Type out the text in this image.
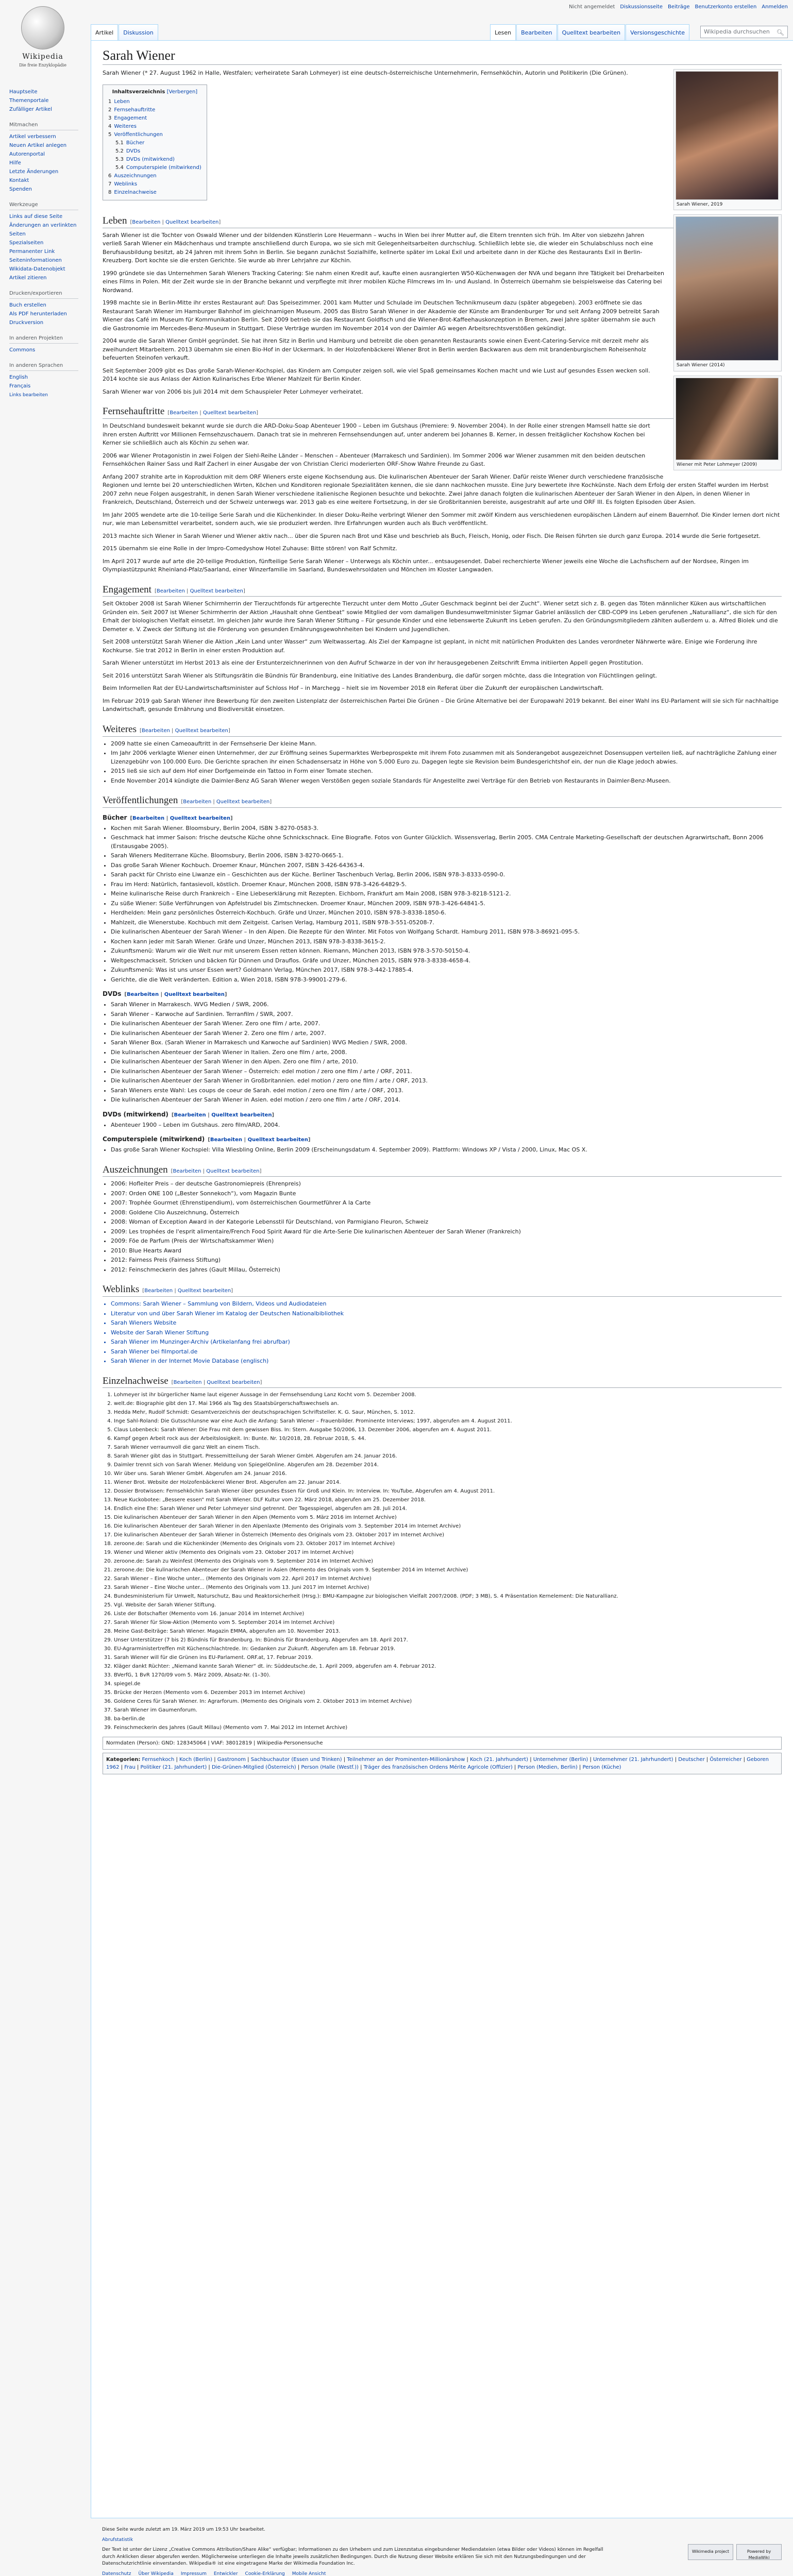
Wikipedia
Die freie Enzyklopädie
Nicht angemeldet Diskussionsseite Beiträge Benutzerkonto erstellen Anmelden
Hauptseite
Themenportale
Zufälliger Artikel
Mitmachen
Artikel verbessern
Neuen Artikel anlegen
Autorenportal
Hilfe
Letzte Änderungen
Kontakt
Spenden
Werkzeuge
Links auf diese Seite
Änderungen an verlinkten Seiten
Spezialseiten
Permanenter Link
Seiteninformationen
Wikidata-Datenobjekt
Artikel zitieren
Drucken/exportieren
Buch erstellen
Als PDF herunterladen
Druckversion
In anderen Projekten
Commons
In anderen Sprachen
English
Français
Links bearbeiten
Artikel	Diskussion	Lesen	Bearbeiten	Quelltext bearbeiten	Versionsgeschichte	Wikipedia durchsuchen 🔍︎
Sarah Wiener
Sarah Wiener, 2019
Sarah Wiener (2014)
Wiener mit Peter Lohmeyer (2009)

Sarah Wiener (* 27. August 1962 in Halle, Westfalen; verheiratete Sarah Lohmeyer) ist eine deutsch-österreichische Unternehmerin, Fernsehköchin, Autorin und Politikerin (Die Grünen).

Inhaltsverzeichnis [Verbergen]
1 Leben
2 Fernsehauftritte
3 Engagement
4 Weiteres
5 Veröffentlichungen
5.1 Bücher
5.2 DVDs
5.3 DVDs (mitwirkend)
5.4 Computerspiele (mitwirkend)
6 Auszeichnungen
7 Weblinks
8 Einzelnachweise
Leben [Bearbeiten | Quelltext bearbeiten]

Sarah Wiener ist die Tochter von Oswald Wiener und der bildenden Künstlerin Lore Heuermann – wuchs in Wien bei ihrer Mutter auf, die Eltern trennten sich früh. Im Alter von siebzehn Jahren verließ Sarah Wiener ein Mädchenhaus und trampte anschließend durch Europa, wo sie sich mit Gelegenheitsarbeiten durchschlug. Schließlich lebte sie, die wieder ein Schulabschluss noch eine Berufsausbildung besitzt, ab 24 Jahren mit ihrem Sohn in Berlin. Sie begann zunächst Sozialhilfe, kellnerte später im Lokal Exil und arbeitete dann in der Küche des Restaurants Exil in Berlin-Kreuzberg. Dort kochte sie die ersten Gerichte. Sie wurde ab ihrer Lehrjahre zur Köchin.

1990 gründete sie das Unternehmen Sarah Wieners Tracking Catering: Sie nahm einen Kredit auf, kaufte einen ausrangierten W50-Küchenwagen der NVA und begann ihre Tätigkeit bei Dreharbeiten eines Films in Polen. Mit der Zeit wurde sie in der Branche bekannt und verpflegte mit ihrer mobilen Küche Filmcrews im In- und Ausland. In Österreich übernahm sie beispielsweise das Catering bei Nordwand.

1998 machte sie in Berlin-Mitte ihr erstes Restaurant auf: Das Speisezimmer. 2001 kam Mutter und Schulade im Deutschen Technikmuseum dazu (später abgegeben). 2003 eröffnete sie das Restaurant Sarah Wiener im Hamburger Bahnhof im gleichnamigen Museum. 2005 das Bistro Sarah Wiener in der Akademie der Künste am Brandenburger Tor und seit Anfang 2009 betreibt Sarah Wiener das Café im Museum für Kommunikation Berlin. Seit 2009 betrieb sie das Restaurant Goldfisch und die Wiener-Brot-Kaffeehauskonzeption in Bremen, zwei Jahre später übernahm sie auch die Gastronomie im Mercedes-Benz-Museum in Stuttgart. Diese Verträge wurden im November 2014 von der Daimler AG wegen Arbeitsrechtsverstößen gekündigt.

2004 wurde die Sarah Wiener GmbH gegründet. Sie hat ihren Sitz in Berlin und Hamburg und betreibt die oben genannten Restaurants sowie einen Event-Catering-Service mit derzeit mehr als zweihundert Mitarbeitern. 2013 übernahm sie einen Bio-Hof in der Uckermark. In der Holzofenbäckerei Wiener Brot in Berlin werden Backwaren aus dem mit brandenburgischem Roheisenholz befeuerten Steinofen verkauft.

Seit September 2009 gibt es Das große Sarah-Wiener-Kochspiel, das Kindern am Computer zeigen soll, wie viel Spaß gemeinsames Kochen macht und wie Lust auf gesundes Essen wecken soll. 2014 kochte sie aus Anlass der Aktion Kulinarisches Erbe Wiener Mahlzeit für Berlin Kinder.

Sarah Wiener war von 2006 bis Juli 2014 mit dem Schauspieler Peter Lohmeyer verheiratet.

Fernsehauftritte [Bearbeiten | Quelltext bearbeiten]

In Deutschland bundesweit bekannt wurde sie durch die ARD-Doku-Soap Abenteuer 1900 – Leben im Gutshaus (Premiere: 9. November 2004). In der Rolle einer strengen Mamsell hatte sie dort ihren ersten Auftritt vor Millionen Fernsehzuschauern. Danach trat sie in mehreren Fernsehsendungen auf, unter anderem bei Johannes B. Kerner, in dessen freitäglicher Kochshow Kochen bei Kerner sie schließlich auch als Köchin zu sehen war.

2006 war Wiener Protagonistin in zwei Folgen der Siehl-Reihe Länder – Menschen – Abenteuer (Marrakesch und Sardinien). Im Sommer 2006 war Wiener zusammen mit den beiden deutschen Fernsehköchen Rainer Sass und Ralf Zacherl in einer Ausgabe der von Christian Clerici moderierten ORF-Show Wahre Freunde zu Gast.

Anfang 2007 strahlte arte in Koproduktion mit dem ORF Wieners erste eigene Kochsendung aus. Die kulinarischen Abenteuer der Sarah Wiener. Dafür reiste Wiener durch verschiedene französische Regionen und lernte bei 20 unterschiedlichen Wirten, Köchen und Konditoren regionale Spezialitäten kennen, die sie dann nachkochen musste. Eine Jury bewertete ihre Kochkünste. Nach dem Erfolg der ersten Staffel wurden im Herbst 2007 zehn neue Folgen ausgestrahlt, in denen Sarah Wiener verschiedene italienische Regionen besuchte und bekochte. Zwei Jahre danach folgten die kulinarischen Abenteuer der Sarah Wiener in den Alpen, in denen Wiener in Frankreich, Deutschland, Österreich und der Schweiz unterwegs war. 2013 gab es eine weitere Fortsetzung, in der sie Großbritannien bereiste, ausgestrahlt auf arte und ORF III. Es folgten Episoden über Asien.

Im Jahr 2005 wendete arte die 10-teilige Serie Sarah und die Küchenkinder. In dieser Doku-Reihe verbringt Wiener den Sommer mit zwölf Kindern aus verschiedenen europäischen Ländern auf einem Bauernhof. Die Kinder lernen dort nicht nur, wie man Lebensmittel verarbeitet, sondern auch, wie sie produziert werden. Ihre Erfahrungen wurden auch als Buch veröffentlicht.

2013 machte sich Wiener in Sarah Wiener und Wiener aktiv nach... über die Spuren nach Brot und Käse und beschrieb als Buch, Fleisch, Honig, oder Fisch. Die Reisen führten sie durch ganz Europa. 2014 wurde die Serie fortgesetzt.

2015 übernahm sie eine Rolle in der Impro-Comedyshow Hotel Zuhause: Bitte stören! von Ralf Schmitz.

Im April 2017 wurde auf arte die 20-teilige Produktion, fünfteilige Serie Sarah Wiener – Unterwegs als Köchin unter... entsaugesendet. Dabei recherchierte Wiener jeweils eine Woche die Lachsfischern auf der Nordsee, Ringen im Olympiastützpunkt Rheinland-Pfalz/Saarland, einer Winzerfamilie im Saarland, Bundeswehrsoldaten und Mönchen im Kloster Langwaden.

Engagement [Bearbeiten | Quelltext bearbeiten]

Seit Oktober 2008 ist Sarah Wiener Schirmherrin der Tierzuchtfonds für artgerechte Tierzucht unter dem Motto „Guter Geschmack beginnt bei der Zucht“. Wiener setzt sich z. B. gegen das Töten männlicher Küken aus wirtschaftlichen Gründen ein. Seit 2007 ist Wiener Schirmherrin der Aktion „Haushalt ohne Gentbeat“ sowie Mitglied der vom damaligen Bundesumweltminister Sigmar Gabriel anlässlich der CBD-COP9 ins Leben gerufenen „Naturallianz“, die sich für den Erhalt der biologischen Vielfalt einsetzt. Im gleichen Jahr wurde ihre Sarah Wiener Stiftung – Für gesunde Kinder und eine lebenswerte Zukunft ins Leben gerufen. Zu den Gründungsmitgliedern zählten außerdem u. a. Alfred Biolek und die Demeter e. V. Zweck der Stiftung ist die Förderung von gesunden Ernährungsgewohnheiten bei Kindern und Jugendlichen.

Seit 2008 unterstützt Sarah Wiener die Aktion „Kein Land unter Wasser“ zum Weltwassertag. Als Ziel der Kampagne ist geplant, in nicht mit natürlichen Produkten des Landes verordneter Nährwerte wäre. Einige wie Forderung ihre Kochkurse. Sie trat 2012 in Berlin in einer ersten Produktion auf.

Sarah Wiener unterstützt im Herbst 2013 als eine der Erstunterzeichnerinnen von den Aufruf Schwarze in der von ihr herausgegebenen Zeitschrift Emma initiierten Appell gegen Prostitution.

Seit 2016 unterstützt Sarah Wiener als Stiftungsrätin die Bündnis für Brandenburg, eine Initiative des Landes Brandenburg, die dafür sorgen möchte, dass die Integration von Flüchtlingen gelingt.

Beim Informellen Rat der EU-Landwirtschaftsminister auf Schloss Hof – in Marchegg – hielt sie im November 2018 ein Referat über die Zukunft der europäischen Landwirtschaft.

Im Februar 2019 gab Sarah Wiener ihre Bewerbung für den zweiten Listenplatz der österreichischen Partei Die Grünen – Die Grüne Alternative bei der Europawahl 2019 bekannt. Bei einer Wahl ins EU-Parlament will sie sich für nachhaltige Landwirtschaft, gesunde Ernährung und Biodiversität einsetzen.

Weiteres [Bearbeiten | Quelltext bearbeiten]
• 2009 hatte sie einen Cameoauftritt in der Fernsehserie Der kleine Mann.
• Im Jahr 2006 verklagte Wiener einen Unternehmer, der zur Eröffnung seines Supermarktes Werbeprospekte mit ihrem Foto zusammen mit als Sonderangebot ausgezeichnet Dosensuppen verteilen ließ, auf nachträgliche Zahlung einer Lizenzgebühr von 100.000 Euro. Die Gerichte sprachen ihr einen Schadensersatz in Höhe von 5.000 Euro zu. Dagegen legte sie Revision beim Bundesgerichtshof ein, der nun die Klage jedoch abwies.
• 2015 ließ sie sich auf dem Hof einer Dorfgemeinde ein Tattoo in Form einer Tomate stechen.
• Ende November 2014 kündigte die Daimler-Benz AG Sarah Wiener wegen Verstößen gegen soziale Standards für Angestellte zwei Verträge für den Betrieb von Restaurants in Daimler-Benz-Museen.
Veröffentlichungen [Bearbeiten | Quelltext bearbeiten]
Bücher [Bearbeiten | Quelltext bearbeiten]
• Kochen mit Sarah Wiener. Bloomsbury, Berlin 2004, ISBN 3-8270-0583-3.
• Geschmack hat immer Saison: frische deutsche Küche ohne Schnickschnack. Eine Biografie. Fotos von Gunter Glücklich. Wissensverlag, Berlin 2005. CMA Centrale Marketing-Gesellschaft der deutschen Agrarwirtschaft, Bonn 2006 (Erstausgabe 2005).
• Sarah Wieners Mediterrane Küche. Bloomsbury, Berlin 2006, ISBN 3-8270-0665-1.
• Das große Sarah Wiener Kochbuch. Droemer Knaur, München 2007, ISBN 3-426-64363-4.
• Sarah packt für Christo eine Liwanze ein – Geschichten aus der Küche. Berliner Taschenbuch Verlag, Berlin 2006, ISBN 978-3-8333-0590-0.
• Frau im Herd: Natürlich, fantasievoll, köstlich. Droemer Knaur, München 2008, ISBN 978-3-426-64829-5.
• Meine kulinarische Reise durch Frankreich – Eine Liebeserklärung mit Rezepten. Eichborn, Frankfurt am Main 2008, ISBN 978-3-8218-5121-2.
• Zu süße Wiener: Süße Verführungen von Apfelstrudel bis Zimtschnecken. Droemer Knaur, München 2009, ISBN 978-3-426-64841-5.
• Herdhelden: Mein ganz persönliches Österreich-Kochbuch. Gräfe und Unzer, München 2010, ISBN 978-3-8338-1850-6.
• Mahlzeit, die Wienerstube. Kochbuch mit dem Zeitgeist. Carlsen Verlag, Hamburg 2011, ISBN 978-3-551-05208-7.
• Die kulinarischen Abenteuer der Sarah Wiener – In den Alpen. Die Rezepte für den Winter. Mit Fotos von Wolfgang Schardt. Hamburg 2011, ISBN 978-3-86921-095-5.
• Kochen kann jeder mit Sarah Wiener. Gräfe und Unzer, München 2013, ISBN 978-3-8338-3615-2.
• Zukunftsmenü: Warum wir die Welt nur mit unserem Essen retten können. Riemann, München 2013, ISBN 978-3-570-50150-4.
• Weltgeschmackseit. Stricken und bäcken für Dünnen und Drauflos. Gräfe und Unzer, München 2015, ISBN 978-3-8338-4658-4.
• Zukunftsmenü: Was ist uns unser Essen wert? Goldmann Verlag, München 2017, ISBN 978-3-442-17885-4.
• Gerichte, die die Welt veränderten. Edition a, Wien 2018, ISBN 978-3-99001-279-6.
DVDs [Bearbeiten | Quelltext bearbeiten]
• Sarah Wiener in Marrakesch. WVG Medien / SWR, 2006.
• Sarah Wiener – Karwoche auf Sardinien. Terranfilm / SWR, 2007.
• Die kulinarischen Abenteuer der Sarah Wiener. Zero one film / arte, 2007.
• Die kulinarischen Abenteuer der Sarah Wiener 2. Zero one film / arte, 2007.
• Sarah Wiener Box. (Sarah Wiener in Marrakesch und Karwoche auf Sardinien) WVG Medien / SWR, 2008.
• Die kulinarischen Abenteuer der Sarah Wiener in Italien. Zero one film / arte, 2008.
• Die kulinarischen Abenteuer der Sarah Wiener in den Alpen. Zero one film / arte, 2010.
• Die kulinarischen Abenteuer der Sarah Wiener – Österreich: edel motion / zero one film / arte / ORF, 2011.
• Die kulinarischen Abenteuer der Sarah Wiener in Großbritannien. edel motion / zero one film / arte / ORF, 2013.
• Sarah Wieners erste Wahl: Les coups de coeur de Sarah. edel motion / zero one film / arte / ORF, 2013.
• Die kulinarischen Abenteuer der Sarah Wiener in Asien. edel motion / zero one film / arte / ORF, 2014.
DVDs (mitwirkend) [Bearbeiten | Quelltext bearbeiten]
• Abenteuer 1900 – Leben im Gutshaus. zero film/ARD, 2004.
Computerspiele (mitwirkend) [Bearbeiten | Quelltext bearbeiten]
• Das große Sarah Wiener Kochspiel: Villa Wiesbling Online, Berlin 2009 (Erscheinungsdatum 4. September 2009). Plattform: Windows XP / Vista / 2000, Linux, Mac OS X.
Auszeichnungen [Bearbeiten | Quelltext bearbeiten]
• 2006: Hofleiter Preis – der deutsche Gastronomiepreis (Ehrenpreis)
• 2007: Orden ONE 100 („Bester Sonnekoch“), vom Magazin Bunte
• 2007: Trophée Gourmet (Ehrenstipendium), vom österreichischen Gourmetführer A la Carte
• 2008: Goldene Clio Auszeichnung, Österreich
• 2008: Woman of Exception Award in der Kategorie Lebensstil für Deutschland, von Parmigiano Fleuron, Schweiz
• 2009: Les trophées de l'esprit alimentaire/French Food Spirit Award für die Arte-Serie Die kulinarischen Abenteuer der Sarah Wiener (Frankreich)
• 2009: Föe de Parfum (Preis der Wirtschaftskammer Wien)
• 2010: Blue Hearts Award
• 2012: Fairness Preis (Fairness Stiftung)
• 2012: Feinschmeckerin des Jahres (Gault Millau, Österreich)
Weblinks [Bearbeiten | Quelltext bearbeiten]
• Commons: Sarah Wiener – Sammlung von Bildern, Videos und Audiodateien
• Literatur von und über Sarah Wiener im Katalog der Deutschen Nationalbibliothek
• Sarah Wieners Website
• Website der Sarah Wiener Stiftung
• Sarah Wiener im Munzinger-Archiv (Artikelanfang frei abrufbar)
• Sarah Wiener bei filmportal.de
• Sarah Wiener in der Internet Movie Database (englisch)
Einzelnachweise [Bearbeiten | Quelltext bearbeiten]
1. Lohmeyer ist ihr bürgerlicher Name laut eigener Aussage in der Fernsehsendung Lanz Kocht vom 5. Dezember 2008.
2. welt.de: Biographie gibt den 17. Mai 1966 als Tag des Staatsbürgerschaftswechsels an.
3. Hedda Mehr, Rudolf Schmidt: Gesamtverzeichnis der deutschsprachigen Schriftsteller. K. G. Saur, München, S. 1012.
4. Inge Sahl-Roland: Die Gutsschlunsne war eine Auch die Anfang: Sarah Wiener – Frauenbilder. Prominente Interviews; 1997, abgerufen am 4. August 2011.
5. Claus Lobenbeck: Sarah Wiener: Die Frau mit dem gewissen Biss. In: Stern. Ausgabe 50/2006, 13. Dezember 2006, abgerufen am 4. August 2011.
6. Kampf gegen Arbeit rock aus der Arbeitslosigkeit. In: Bunte. Nr. 10/2018, 28. Februar 2018, S. 44.
7. Sarah Wiener verraumvoll die ganz Welt an einem Tisch.
8. Sarah Wiener gibt das in Stuttgart. Pressemitteilung der Sarah Wiener GmbH. Abgerufen am 24. Januar 2016.
9. Daimler trennt sich von Sarah Wiener. Meldung von SpiegelOnline. Abgerufen am 28. Dezember 2014.
10. Wir über uns. Sarah Wiener GmbH. Abgerufen am 24. Januar 2016.
11. Wiener Brot. Website der Holzofenbäckerei Wiener Brot. Abgerufen am 22. Januar 2014.
12. Dossier Brotwissen: Fernsehköchin Sarah Wiener über gesundes Essen für Groß und Klein. In: Interview. In: YouTube, Abgerufen am 4. August 2011.
13. Neue Kuckobotee: „Bessere essen“ mit Sarah Wiener. DLF Kultur vom 22. März 2018, abgerufen am 25. Dezember 2018.
14. Endlich eine Ehe: Sarah Wiener und Peter Lohmeyer sind getrennt. Der Tagesspiegel, abgerufen am 28. Juli 2014.
15. Die kulinarischen Abenteuer der Sarah Wiener in den Alpen (Memento vom 5. März 2016 im Internet Archive)
16. Die kulinarischen Abenteuer der Sarah Wiener in den Alpenlaxte (Memento des Originals vom 3. September 2014 im Internet Archive)
17. Die kulinarischen Abenteuer der Sarah Wiener in Österreich (Memento des Originals vom 23. Oktober 2017 im Internet Archive)
18. zeroone.de: Sarah und die Küchenkinder (Memento des Originals vom 23. Oktober 2017 im Internet Archive)
19. Wiener und Wiener aktiv (Memento des Originals vom 23. Oktober 2017 im Internet Archive)
20. zeroone.de: Sarah zu Weinfest (Memento des Originals vom 9. September 2014 im Internet Archive)
21. zeroone.de: Die kulinarischen Abenteuer der Sarah Wiener in Asien (Memento des Originals vom 9. September 2014 im Internet Archive)
22. Sarah Wiener – Eine Woche unter... (Memento des Originals vom 22. April 2017 im Internet Archive)
23. Sarah Wiener – Eine Woche unter... (Memento des Originals vom 13. Juni 2017 im Internet Archive)
24. Bundesministerium für Umwelt, Naturschutz, Bau und Reaktorsicherheit (Hrsg.): BMU-Kampagne zur biologischen Vielfalt 2007/2008. (PDF; 3 MB), S. 4 Präsentation Kernelement: Die Naturallianz.
25. Vgl. Website der Sarah Wiener Stiftung.
26. Liste der Botschafter (Memento vom 16. Januar 2014 im Internet Archive)
27. Sarah Wiener für Slow-Aktion (Memento vom 5. September 2014 im Internet Archive)
28. Meine Gast-Beiträge: Sarah Wiener. Magazin EMMA, abgerufen am 10. November 2013.
29. Unser Unterstützer (7 bis 2) Bündnis für Brandenburg. In: Bündnis für Brandenburg. Abgerufen am 18. April 2017.
30. EU-Agrarministertreffen mit Küchenschlachtrede. In: Gedanken zur Zukunft. Abgerufen am 18. Februar 2019.
31. Sarah Wiener will für die Grünen ins EU-Parlament. ORF.at, 17. Februar 2019.
32. Kläger dankt Rüchter: „Niemand kannte Sarah Wiener“ dt. in: Süddeutsche.de, 1. April 2009, abgerufen am 4. Februar 2012.
33. BVerfG, 1 BvR 1270/09 vom 5. März 2009, Absatz-Nr. (1–30).
34. spiegel.de
35. Brücke der Herzen (Memento vom 6. Dezember 2013 im Internet Archive)
36. Goldene Ceres für Sarah Wiener. In: Agrarforum. (Memento des Originals vom 2. Oktober 2013 im Internet Archive)
37. Sarah Wiener im Gaumenforum.
38. ba-berlin.de
39. Feinschmeckerin des Jahres (Gault Millau) (Memento vom 7. Mai 2012 im Internet Archive)
Normdaten (Person): GND: 128345064 | VIAF: 38012819 | Wikipedia-Personensuche
Kategorien: Fernsehkoch | Koch (Berlin) | Gastronom | Sachbuchautor (Essen und Trinken) | Teilnehmer an der Prominenten-Millionärshow | Koch (21. Jahrhundert) | Unternehmer (Berlin) | Unternehmer (21. Jahrhundert) | Deutscher | Österreicher | Geboren 1962 | Frau | Politiker (21. Jahrhundert) | Die-Grünen-Mitglied (Österreich) | Person (Halle (Westf.)) | Träger des französischen Ordens Mérite Agricole (Offizier) | Person (Medien, Berlin) | Person (Küche)

Diese Seite wurde zuletzt am 19. März 2019 um 19:53 Uhr bearbeitet.

Abrufstatistik

Der Text ist unter der Lizenz „Creative Commons Attribution/Share Alike“ verfügbar; Informationen zu den Urhebern und zum Lizenzstatus eingebundener Mediendateien (etwa Bilder oder Videos) können im Regelfall durch Anklicken dieser abgerufen werden. Möglicherweise unterliegen die Inhalte jeweils zusätzlichen Bedingungen. Durch die Nutzung dieser Website erklären Sie sich mit den Nutzungsbedingungen und der Datenschutzrichtlinie einverstanden. Wikipedia® ist eine eingetragene Marke der Wikimedia Foundation Inc.

Datenschutz Über Wikipedia Impressum Entwickler Cookie-Erklärung Mobile Ansicht
Wikimedia project	Powered by MediaWiki
